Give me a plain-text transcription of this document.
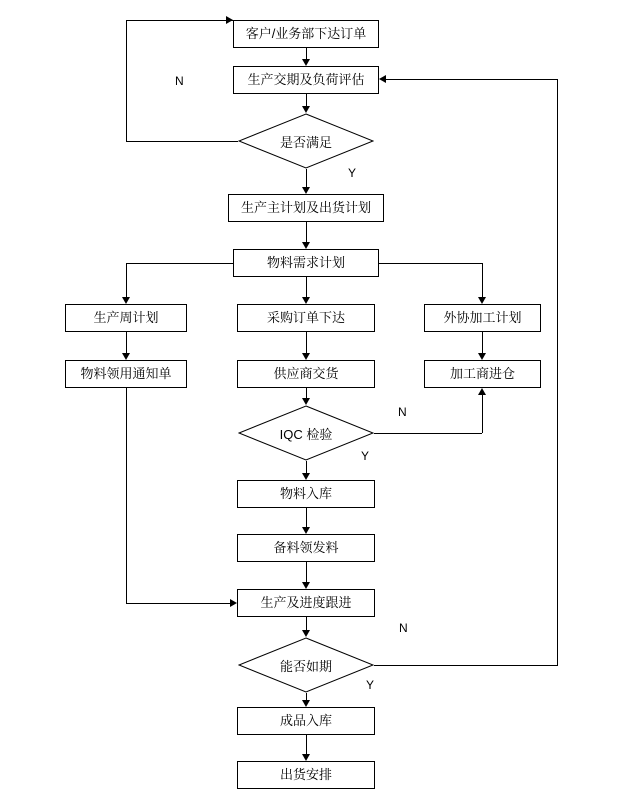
客户/业务部下达订单
生产交期及负荷评估
是否满足
生产主计划及出货计划
物料需求计划
生产周计划	采购订单下达	外协加工计划
物料领用通知单	供应商交货	加工商进仓
IQC 检验
物料入库
备料领发料
生产及进度跟进
能否如期
成品入库
出货安排
N
Y
N
Y
N
Y
